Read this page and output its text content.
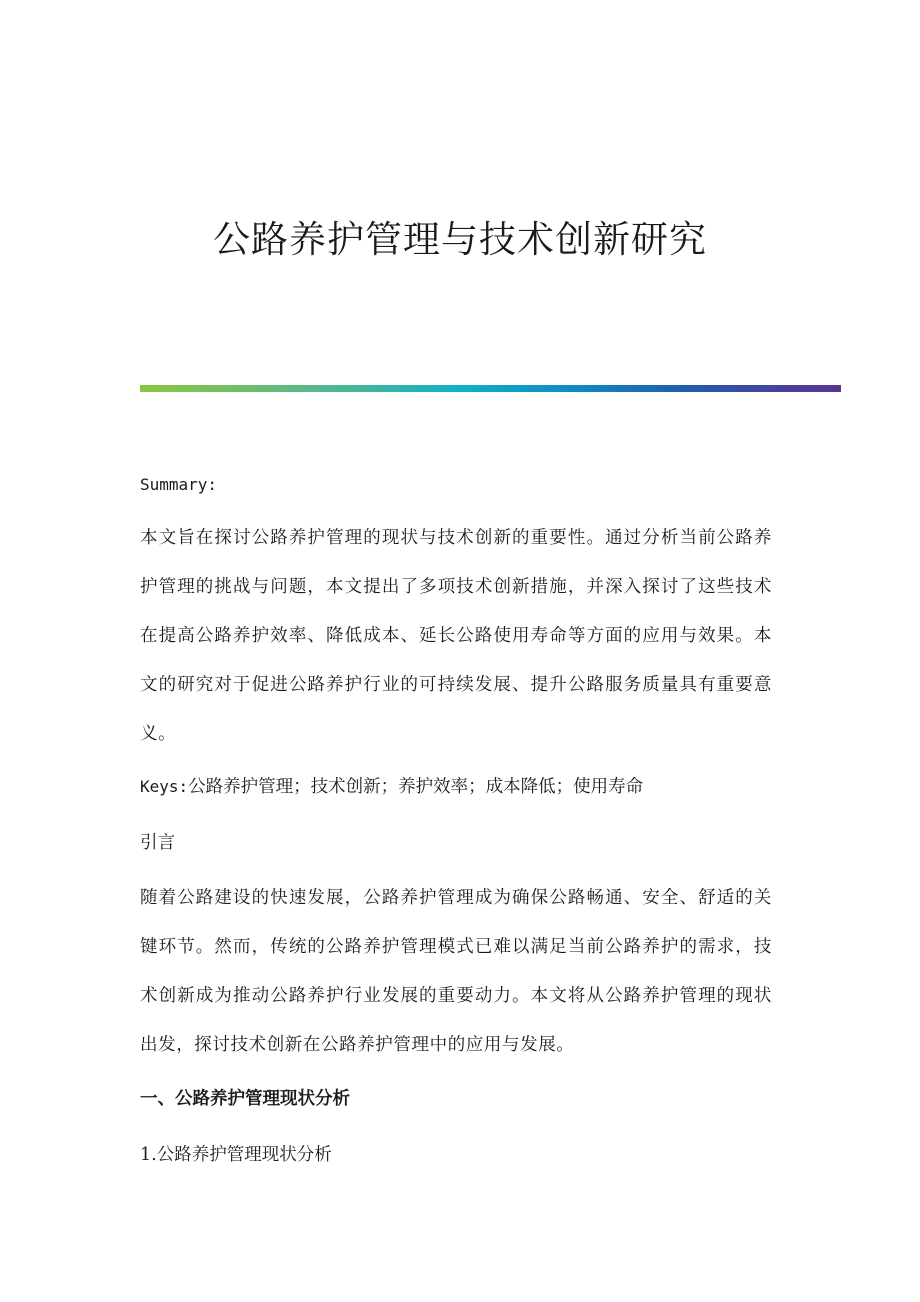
公路养护管理与技术创新研究

Summary:

本文旨在探讨公路养护管理的现状与技术创新的重要性。通过分析当前公路养护管理的挑战与问题，本文提出了多项技术创新措施，并深入探讨了这些技术在提高公路养护效率、降低成本、延长公路使用寿命等方面的应用与效果。本文的研究对于促进公路养护行业的可持续发展、提升公路服务质量具有重要意义。

Keys:公路养护管理；技术创新；养护效率；成本降低；使用寿命

引言

随着公路建设的快速发展，公路养护管理成为确保公路畅通、安全、舒适的关键环节。然而，传统的公路养护管理模式已难以满足当前公路养护的需求，技术创新成为推动公路养护行业发展的重要动力。本文将从公路养护管理的现状出发，探讨技术创新在公路养护管理中的应用与发展。

一、公路养护管理现状分析

1.公路养护管理现状分析
